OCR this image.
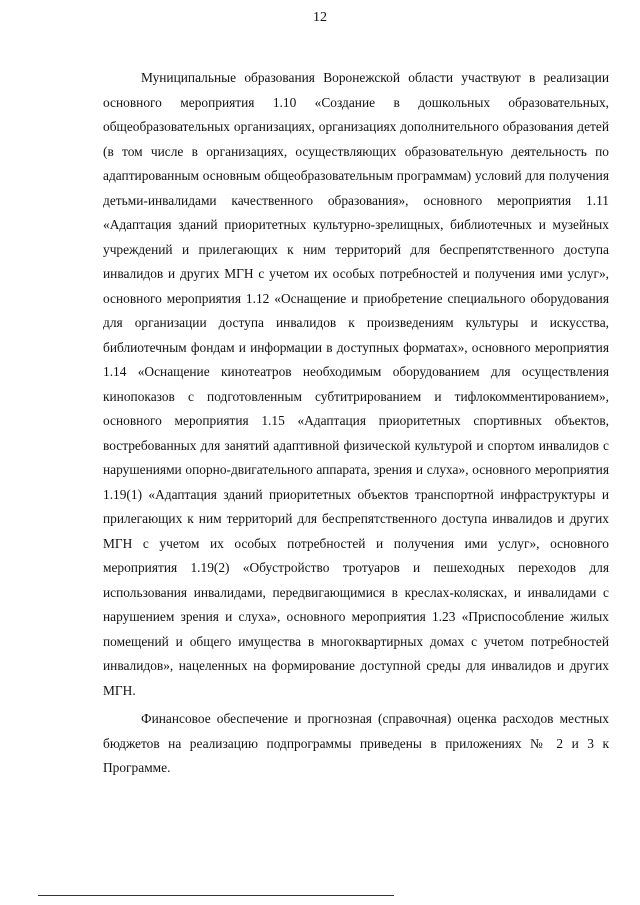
12

Муниципальные образования Воронежской области участвуют в реализации основного мероприятия 1.10 «Создание в дошкольных образовательных, общеобразовательных организациях, организациях дополнительного образования детей (в том числе в организациях, осуществляющих образовательную деятельность по адаптированным основным общеобразовательным программам) условий для получения детьми-инвалидами качественного образования», основного мероприятия 1.11 «Адаптация зданий приоритетных культурно-зрелищных, библиотечных и музейных учреждений и прилегающих к ним территорий для беспрепятственного доступа инвалидов и других МГН с учетом их особых потребностей и получения ими услуг», основного мероприятия 1.12 «Оснащение и приобретение специального оборудования для организации доступа инвалидов к произведениям культуры и искусства, библиотечным фондам и информации в доступных форматах», основного мероприятия 1.14 «Оснащение кинотеатров необходимым оборудованием для осуществления кинопоказов с подготовленным субтитрированием и тифлокомментированием», основного мероприятия 1.15 «Адаптация приоритетных спортивных объектов, востребованных для занятий адаптивной физической культурой и спортом инвалидов с нарушениями опорно-двигательного аппарата, зрения и слуха», основного мероприятия 1.19(1) «Адаптация зданий приоритетных объектов транспортной инфраструктуры и прилегающих к ним территорий для беспрепятственного доступа инвалидов и других МГН с учетом их особых потребностей и получения ими услуг», основного мероприятия 1.19(2) «Обустройство тротуаров и пешеходных переходов для использования инвалидами, передвигающимися в креслах-колясках, и инвалидами с нарушением зрения и слуха», основного мероприятия 1.23 «Приспособление жилых помещений и общего имущества в многоквартирных домах с учетом потребностей инвалидов», нацеленных на формирование доступной среды для инвалидов и других МГН.

Финансовое обеспечение и прогнозная (справочная) оценка расходов местных бюджетов на реализацию подпрограммы приведены в приложениях № 2 и 3 к Программе.
